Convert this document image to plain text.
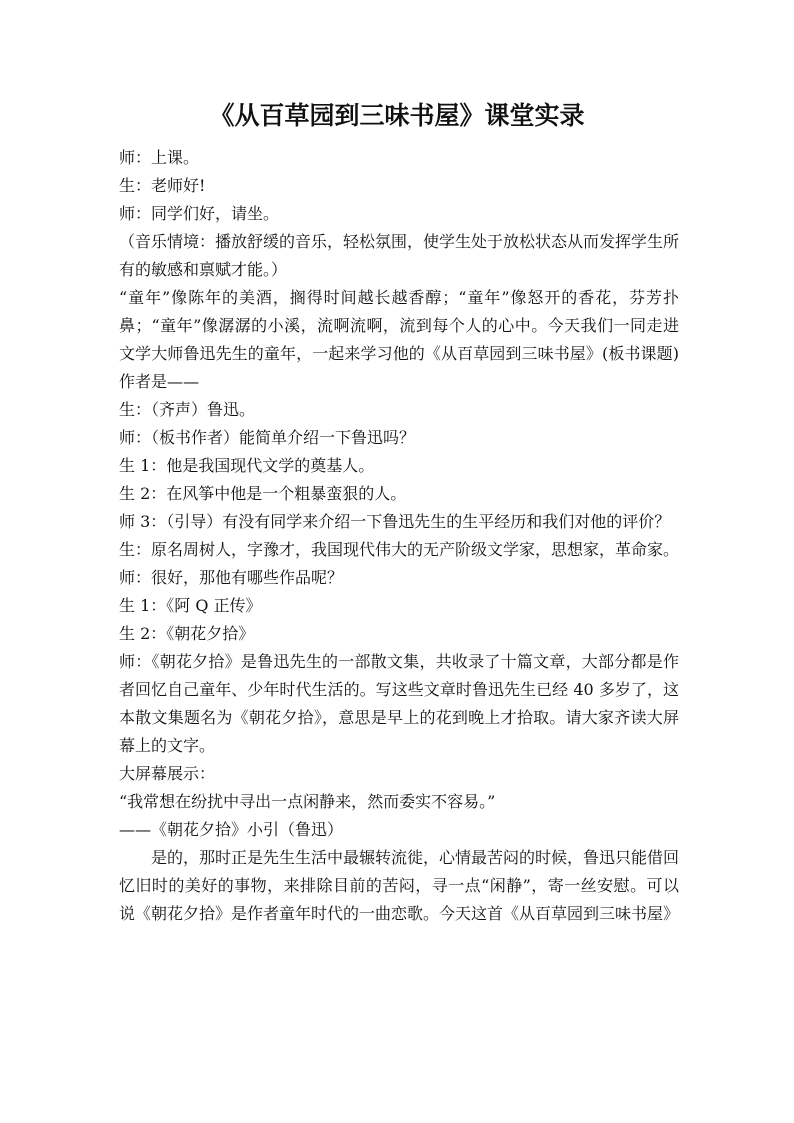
《从百草园到三味书屋》课堂实录
师：上课。
生：老师好!
师：同学们好，请坐。
（音乐情境：播放舒缓的音乐，轻松氛围，使学生处于放松状态从而发挥学生所有的敏感和禀赋才能。）
“童年”像陈年的美酒，搁得时间越长越香醇；“童年”像怒开的香花，芬芳扑鼻；“童年”像潺潺的小溪，流啊流啊，流到每个人的心中。今天我们一同走进文学大师鲁迅先生的童年，一起来学习他的《从百草园到三味书屋》(板书课题)作者是——
生：（齐声）鲁迅。
师：（板书作者）能简单介绍一下鲁迅吗？
生 1：他是我国现代文学的奠基人。
生 2：在风筝中他是一个粗暴蛮狠的人。
师 3：（引导）有没有同学来介绍一下鲁迅先生的生平经历和我们对他的评价？
生：原名周树人，字豫才，我国现代伟大的无产阶级文学家，思想家，革命家。
师：很好，那他有哪些作品呢？
生 1：《阿 Q 正传》
生 2：《朝花夕拾》
师：《朝花夕拾》是鲁迅先生的一部散文集，共收录了十篇文章，大部分都是作者回忆自己童年、少年时代生活的。写这些文章时鲁迅先生已经 40 多岁了，这本散文集题名为《朝花夕拾》，意思是早上的花到晚上才拾取。请大家齐读大屏幕上的文字。
大屏幕展示：
“我常想在纷扰中寻出一点闲静来，然而委实不容易。”
——《朝花夕拾》小引（鲁迅）
是的，那时正是先生生活中最辗转流徙，心情最苦闷的时候，鲁迅只能借回忆旧时的美好的事物，来排除目前的苦闷，寻一点“闲静”，寄一丝安慰。可以说《朝花夕拾》是作者童年时代的一曲恋歌。今天这首《从百草园到三味书屋》
